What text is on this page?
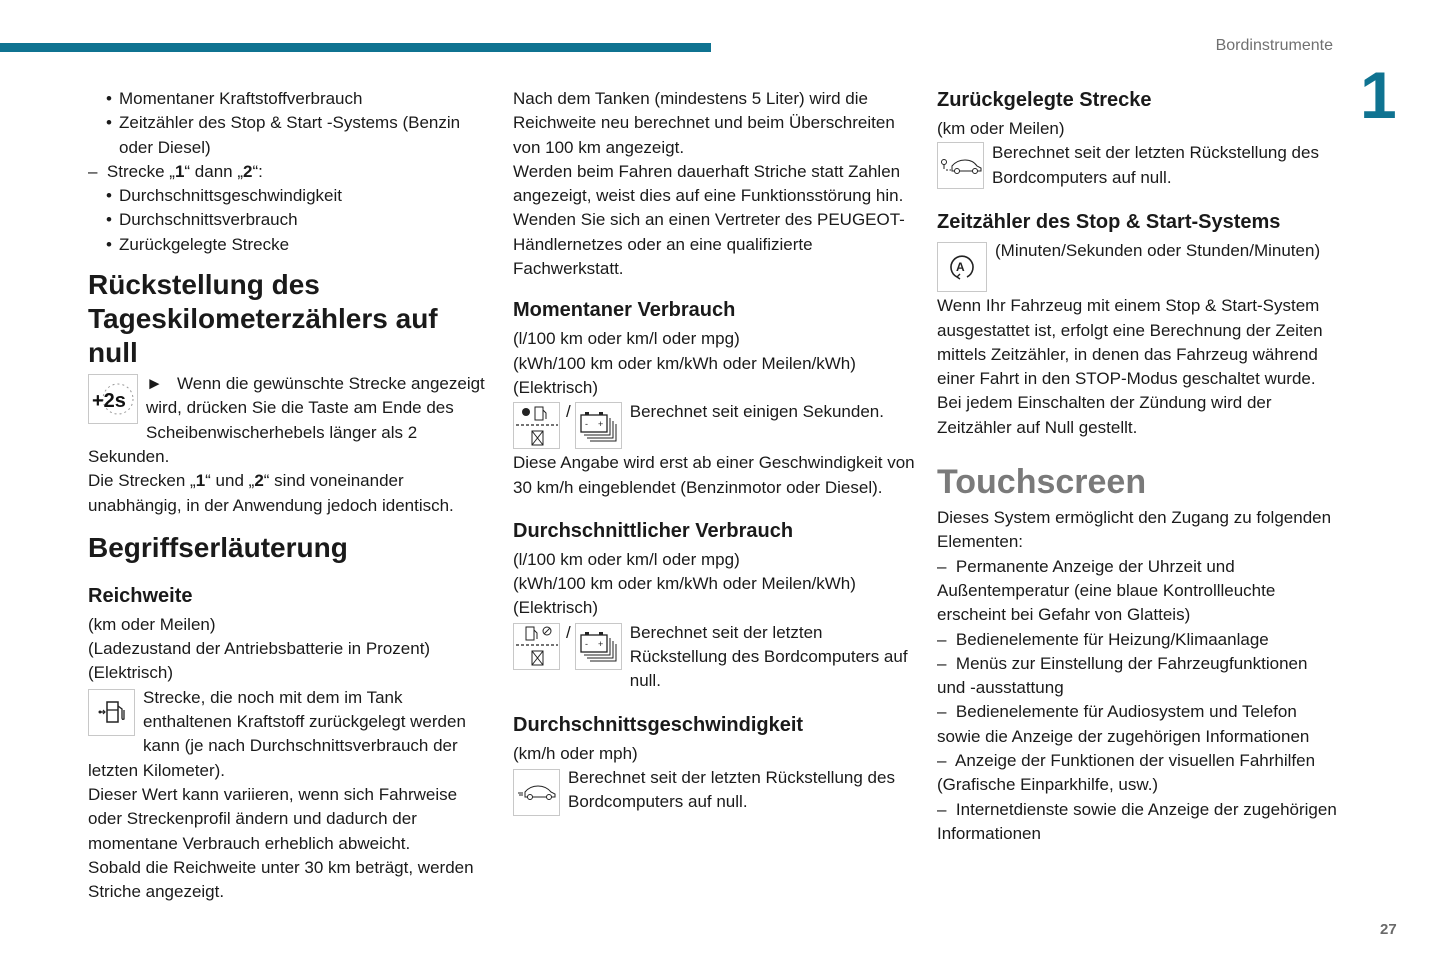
Bordinstrumente
1
27
• Momentaner Kraftstoffverbrauch
• Zeitzähler des Stop & Start -Systems (Benzin oder Diesel)

– Strecke „1“ dann „2“:

• Durchschnittsgeschwindigkeit
• Durchschnittsverbrauch
• Zurückgelegte Strecke
Rückstellung des Tageskilometerzählers auf null
+2s

► Wenn die gewünschte Strecke angezeigt wird, drücken Sie die Taste am Ende des Scheibenwischerhebels länger als 2 Sekunden.

Die Strecken „1“ und „2“ sind voneinander unabhängig, in der Anwendung jedoch identisch.

Begriffserläuterung
Reichweite

(km oder Meilen)

(Ladezustand der Antriebsbatterie in Prozent)

(Elektrisch)

Strecke, die noch mit dem im Tank enthaltenen Kraftstoff zurückgelegt werden kann (je nach Durchschnittsverbrauch der letzten Kilometer).

Dieser Wert kann variieren, wenn sich Fahrweise oder Streckenprofil ändern und dadurch der momentane Verbrauch erheblich abweicht.

Sobald die Reichweite unter 30 km beträgt, werden Striche angezeigt.

Nach dem Tanken (mindestens 5 Liter) wird die Reichweite neu berechnet und beim Überschreiten von 100 km angezeigt.

Werden beim Fahren dauerhaft Striche statt Zahlen angezeigt, weist dies auf eine Funktionsstörung hin. Wenden Sie sich an einen Vertreter des PEUGEOT-Händlernetzes oder an eine qualifizierte Fachwerkstatt.

Momentaner Verbrauch

(l/100 km oder km/l oder mpg)

(kWh/100 km oder km/kWh oder Meilen/kWh)

(Elektrisch)

/
- +

Berechnet seit einigen Sekunden.

Diese Angabe wird erst ab einer Geschwindigkeit von 30 km/h eingeblendet (Benzinmotor oder Diesel).

Durchschnittlicher Verbrauch

(l/100 km oder km/l oder mpg)

(kWh/100 km oder km/kWh oder Meilen/kWh)

(Elektrisch)

/
- +

Berechnet seit der letzten Rückstellung des Bordcomputers auf null.

Durchschnittsgeschwindigkeit

(km/h oder mph)

Berechnet seit der letzten Rückstellung des Bordcomputers auf null.

Zurückgelegte Strecke

(km oder Meilen)

Berechnet seit der letzten Rückstellung des Bordcomputers auf null.

Zeitzähler des Stop & Start-Systems
A

(Minuten/Sekunden oder Stunden/Minuten)

Wenn Ihr Fahrzeug mit einem Stop & Start-System ausgestattet ist, erfolgt eine Berechnung der Zeiten mittels Zeitzähler, in denen das Fahrzeug während einer Fahrt in den STOP-Modus geschaltet wurde.

Bei jedem Einschalten der Zündung wird der Zeitzähler auf Null gestellt.

Touchscreen

Dieses System ermöglicht den Zugang zu folgenden Elementen:

– Permanente Anzeige der Uhrzeit und Außentemperatur (eine blaue Kontrollleuchte erscheint bei Gefahr von Glatteis)

– Bedienelemente für Heizung/Klimaanlage

– Menüs zur Einstellung der Fahrzeugfunktionen und -ausstattung

– Bedienelemente für Audiosystem und Telefon sowie die Anzeige der zugehörigen Informationen

– Anzeige der Funktionen der visuellen Fahrhilfen (Grafische Einparkhilfe, usw.)

– Internetdienste sowie die Anzeige der zugehörigen Informationen
